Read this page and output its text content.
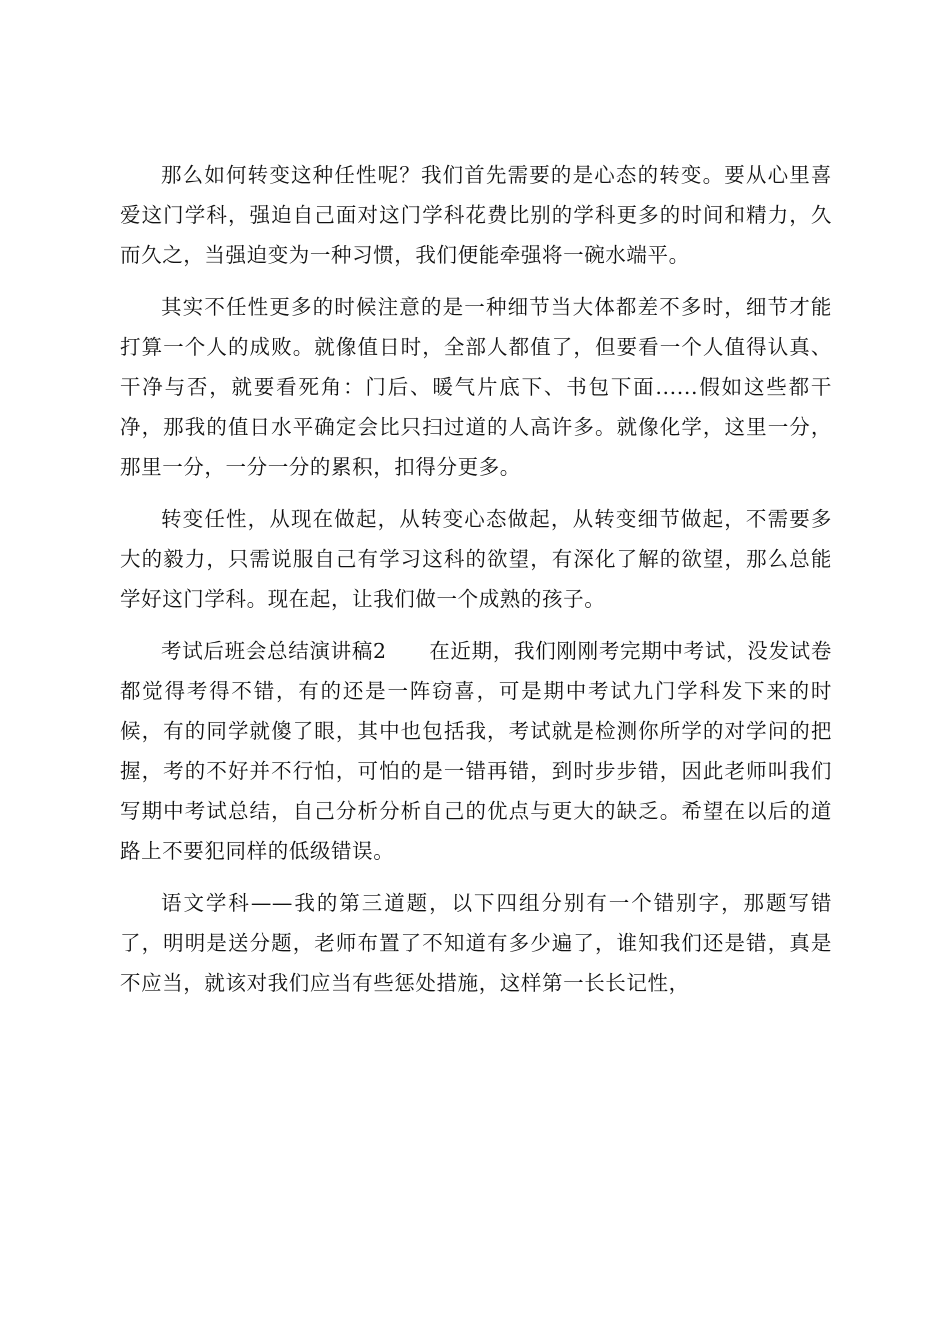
那么如何转变这种任性呢？我们首先需要的是心态的转变。要从心里喜爱这门学科，强迫自己面对这门学科花费比别的学科更多的时间和精力，久而久之，当强迫变为一种习惯，我们便能牵强将一碗水端平。

其实不任性更多的时候注意的是一种细节当大体都差不多时，细节才能打算一个人的成败。就像值日时，全部人都值了，但要看一个人值得认真、干净与否，就要看死角：门后、暖气片底下、书包下面......假如这些都干净，那我的值日水平确定会比只扫过道的人高许多。就像化学，这里一分，那里一分，一分一分的累积，扣得分更多。

转变任性，从现在做起，从转变心态做起，从转变细节做起，不需要多大的毅力，只需说服自己有学习这科的欲望，有深化了解的欲望，那么总能学好这门学科。现在起，让我们做一个成熟的孩子。

考试后班会总结演讲稿2　　在近期，我们刚刚考完期中考试，没发试卷都觉得考得不错，有的还是一阵窃喜，可是期中考试九门学科发下来的时候，有的同学就傻了眼，其中也包括我，考试就是检测你所学的对学问的把握，考的不好并不行怕，可怕的是一错再错，到时步步错，因此老师叫我们写期中考试总结，自己分析分析自己的优点与更大的缺乏。希望在以后的道路上不要犯同样的低级错误。

语文学科——我的第三道题，以下四组分别有一个错别字，那题写错了，明明是送分题，老师布置了不知道有多少遍了，谁知我们还是错，真是不应当，就该对我们应当有些惩处措施，这样第一长长记性，
